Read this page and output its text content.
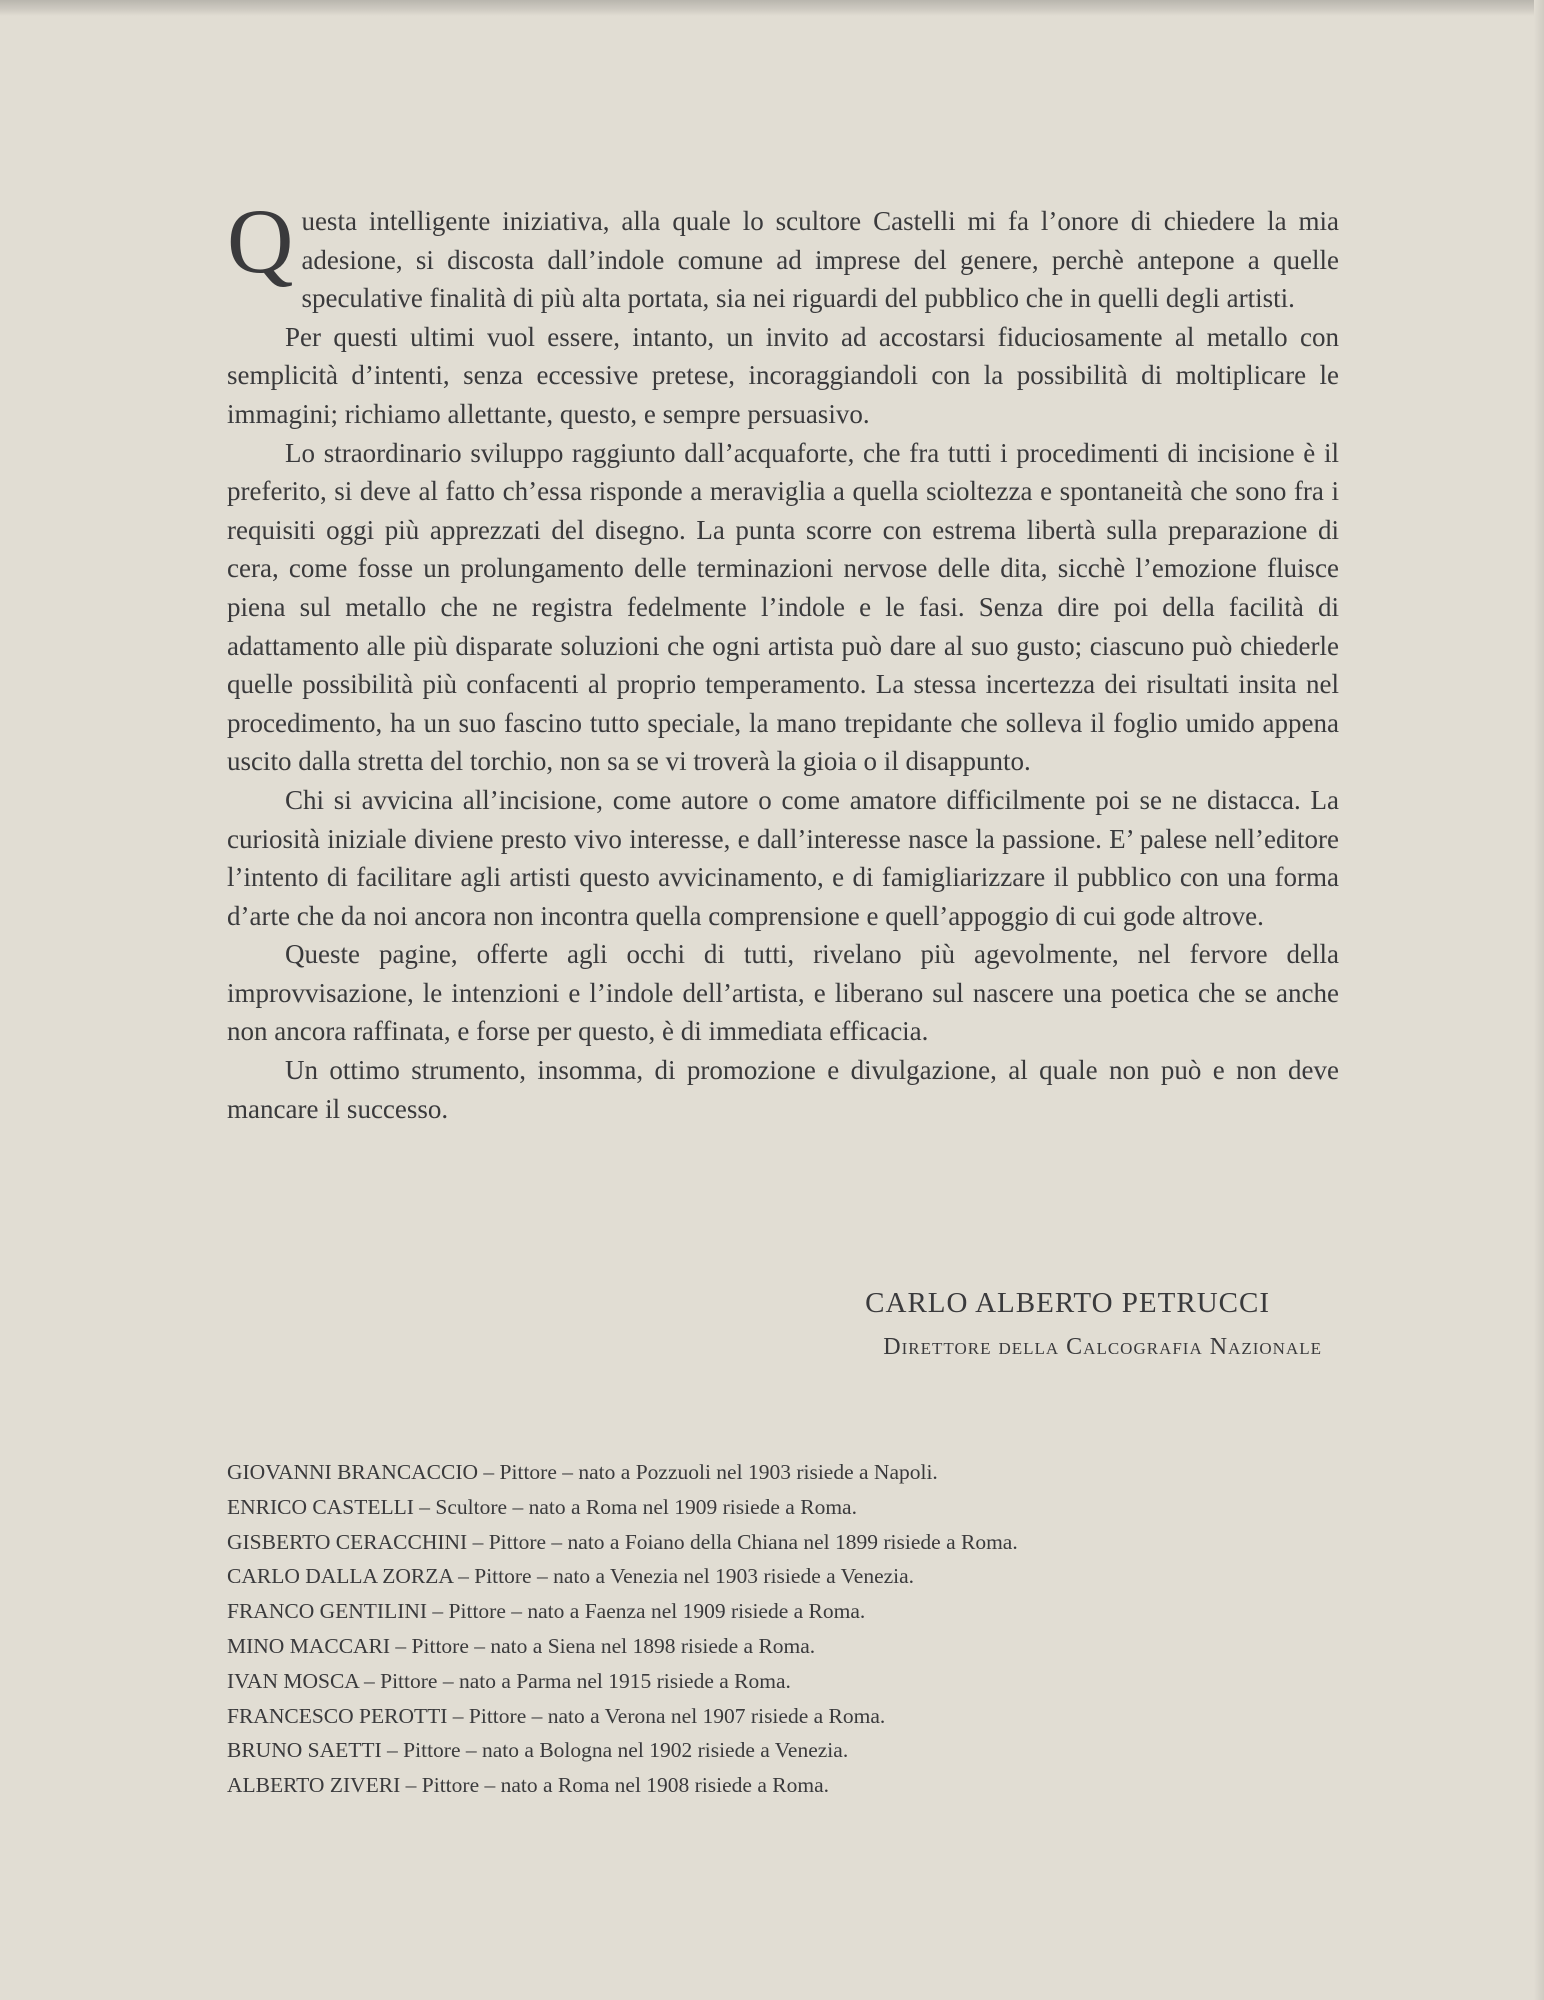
Questa intelligente iniziativa, alla quale lo scultore Castelli mi fa l’onore di chiedere la mia adesione, si discosta dall’indole comune ad imprese del genere, perchè antepone a quelle speculative finalità di più alta portata, sia nei riguardi del pubblico che in quelli degli artisti.

Per questi ultimi vuol essere, intanto, un invito ad accostarsi fiduciosamente al metallo con semplicità d’intenti, senza eccessive pretese, incoraggiandoli con la possibilità di moltiplicare le immagini; richiamo allettante, questo, e sempre persuasivo.

Lo straordinario sviluppo raggiunto dall’acquaforte, che fra tutti i procedimenti di incisione è il preferito, si deve al fatto ch’essa risponde a meraviglia a quella scioltezza e spontaneità che sono fra i requisiti oggi più apprezzati del disegno. La punta scorre con estrema libertà sulla preparazione di cera, come fosse un prolungamento delle terminazioni nervose delle dita, sicchè l’emozione fluisce piena sul metallo che ne registra fedelmente l’indole e le fasi. Senza dire poi della facilità di adattamento alle più disparate soluzioni che ogni artista può dare al suo gusto; ciascuno può chiederle quelle possibilità più confacenti al proprio temperamento. La stessa incertezza dei risultati insita nel procedimento, ha un suo fascino tutto speciale, la mano trepidante che solleva il foglio umido appena uscito dalla stretta del torchio, non sa se vi troverà la gioia o il disappunto.

Chi si avvicina all’incisione, come autore o come amatore difficilmente poi se ne distacca. La curiosità iniziale diviene presto vivo interesse, e dall’interesse nasce la passione. E’ palese nell’editore l’intento di facilitare agli artisti questo avvicinamento, e di famigliarizzare il pubblico con una forma d’arte che da noi ancora non incontra quella comprensione e quell’appoggio di cui gode altrove.

Queste pagine, offerte agli occhi di tutti, rivelano più agevolmente, nel fervore della improvvisazione, le intenzioni e l’indole dell’artista, e liberano sul nascere una poetica che se anche non ancora raffinata, e forse per questo, è di immediata efficacia.

Un ottimo strumento, insomma, di promozione e divulgazione, al quale non può e non deve mancare il successo.

CARLO ALBERTO PETRUCCI
Direttore della Calcografia Nazionale
GIOVANNI BRANCACCIO – Pittore – nato a Pozzuoli nel 1903 risiede a Napoli.
ENRICO CASTELLI – Scultore – nato a Roma nel 1909 risiede a Roma.
GISBERTO CERACCHINI – Pittore – nato a Foiano della Chiana nel 1899 risiede a Roma.
CARLO DALLA ZORZA – Pittore – nato a Venezia nel 1903 risiede a Venezia.
FRANCO GENTILINI – Pittore – nato a Faenza nel 1909 risiede a Roma.
MINO MACCARI – Pittore – nato a Siena nel 1898 risiede a Roma.
IVAN MOSCA – Pittore – nato a Parma nel 1915 risiede a Roma.
FRANCESCO PEROTTI – Pittore – nato a Verona nel 1907 risiede a Roma.
BRUNO SAETTI – Pittore – nato a Bologna nel 1902 risiede a Venezia.
ALBERTO ZIVERI – Pittore – nato a Roma nel 1908 risiede a Roma.
